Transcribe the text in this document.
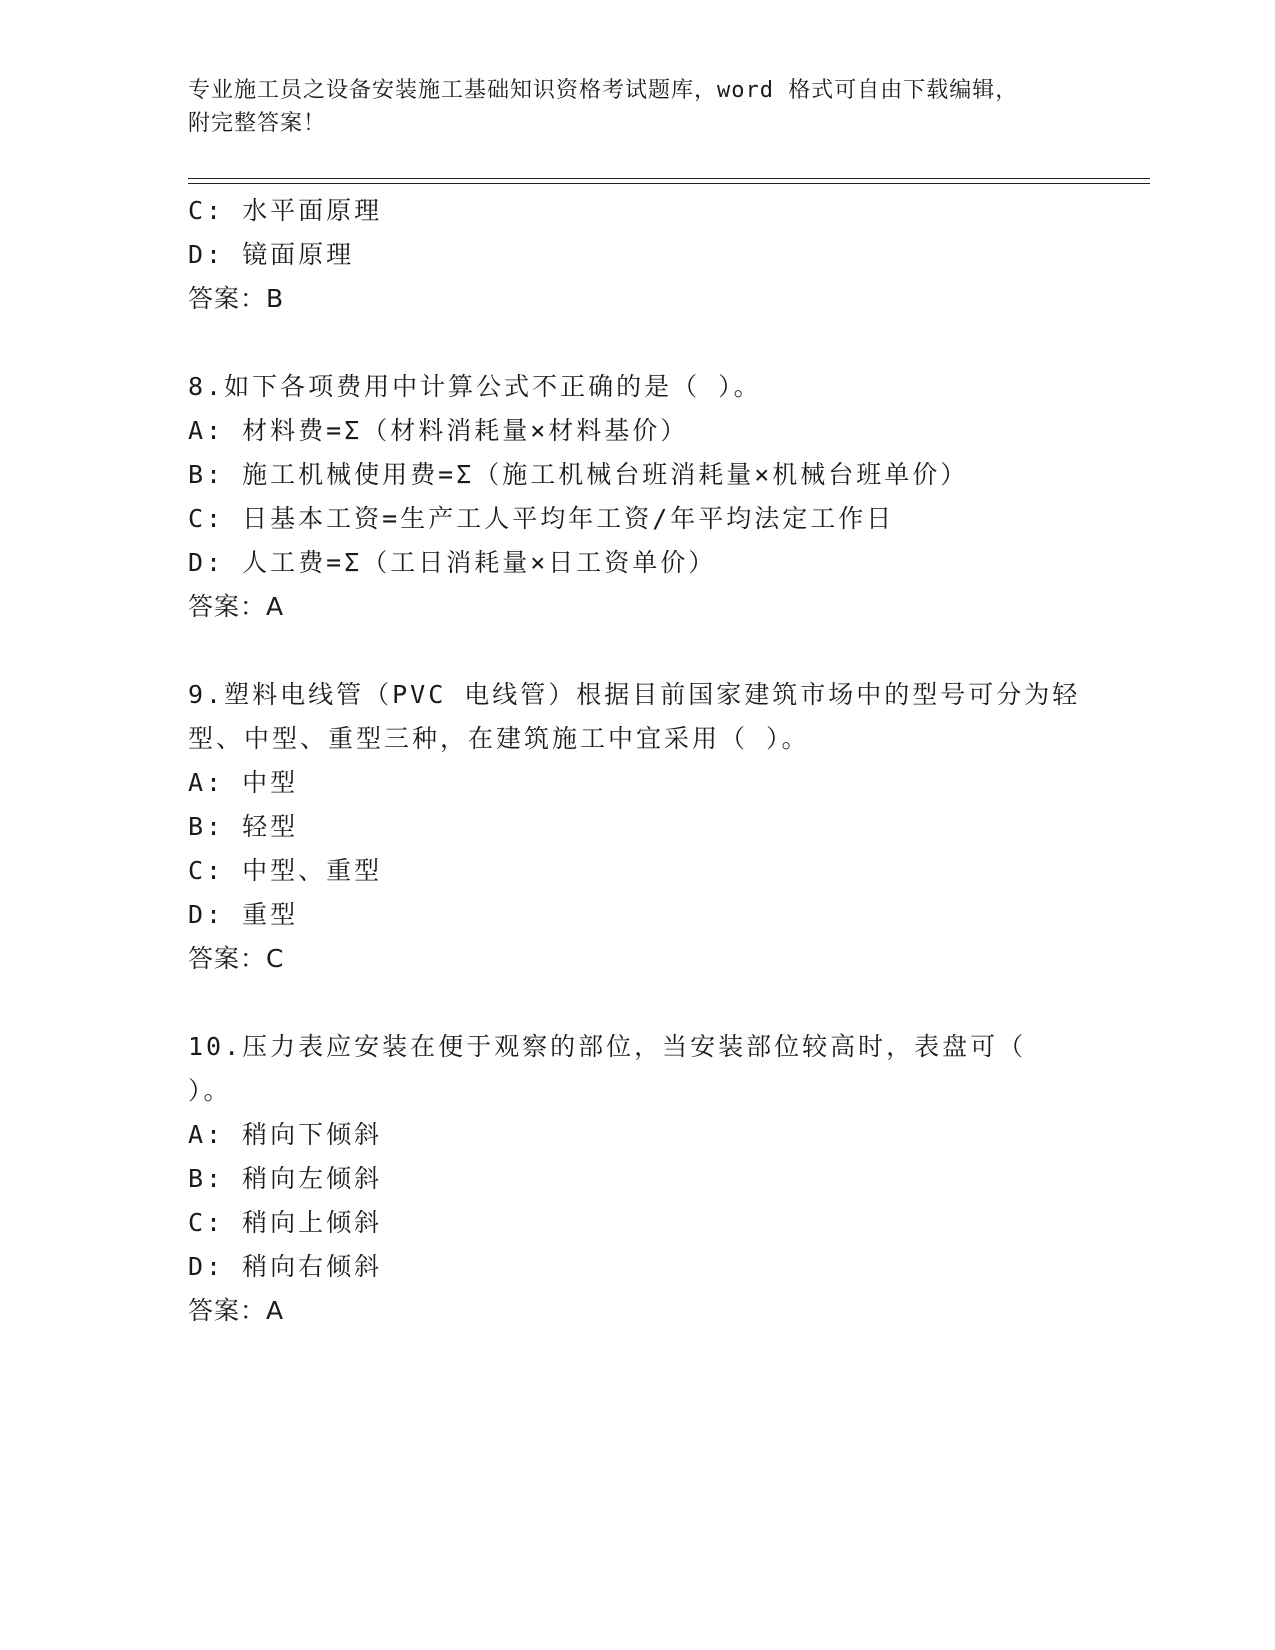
专业施工员之设备安装施工基础知识资格考试题库，word 格式可自由下载编辑，
附完整答案！
C: 水平面原理
D: 镜面原理
答案：B
8.如下各项费用中计算公式不正确的是（ ）。
A: 材料费=Σ（材料消耗量×材料基价）
B: 施工机械使用费=Σ（施工机械台班消耗量×机械台班单价）
C: 日基本工资=生产工人平均年工资/年平均法定工作日
D: 人工费=Σ（工日消耗量×日工资单价）
答案：A
9.塑料电线管（PVC 电线管）根据目前国家建筑市场中的型号可分为轻
型、中型、重型三种，在建筑施工中宜采用（ ）。
A: 中型
B: 轻型
C: 中型、重型
D: 重型
答案：C
10.压力表应安装在便于观察的部位，当安装部位较高时，表盘可（
）。
A: 稍向下倾斜
B: 稍向左倾斜
C: 稍向上倾斜
D: 稍向右倾斜
答案：A
